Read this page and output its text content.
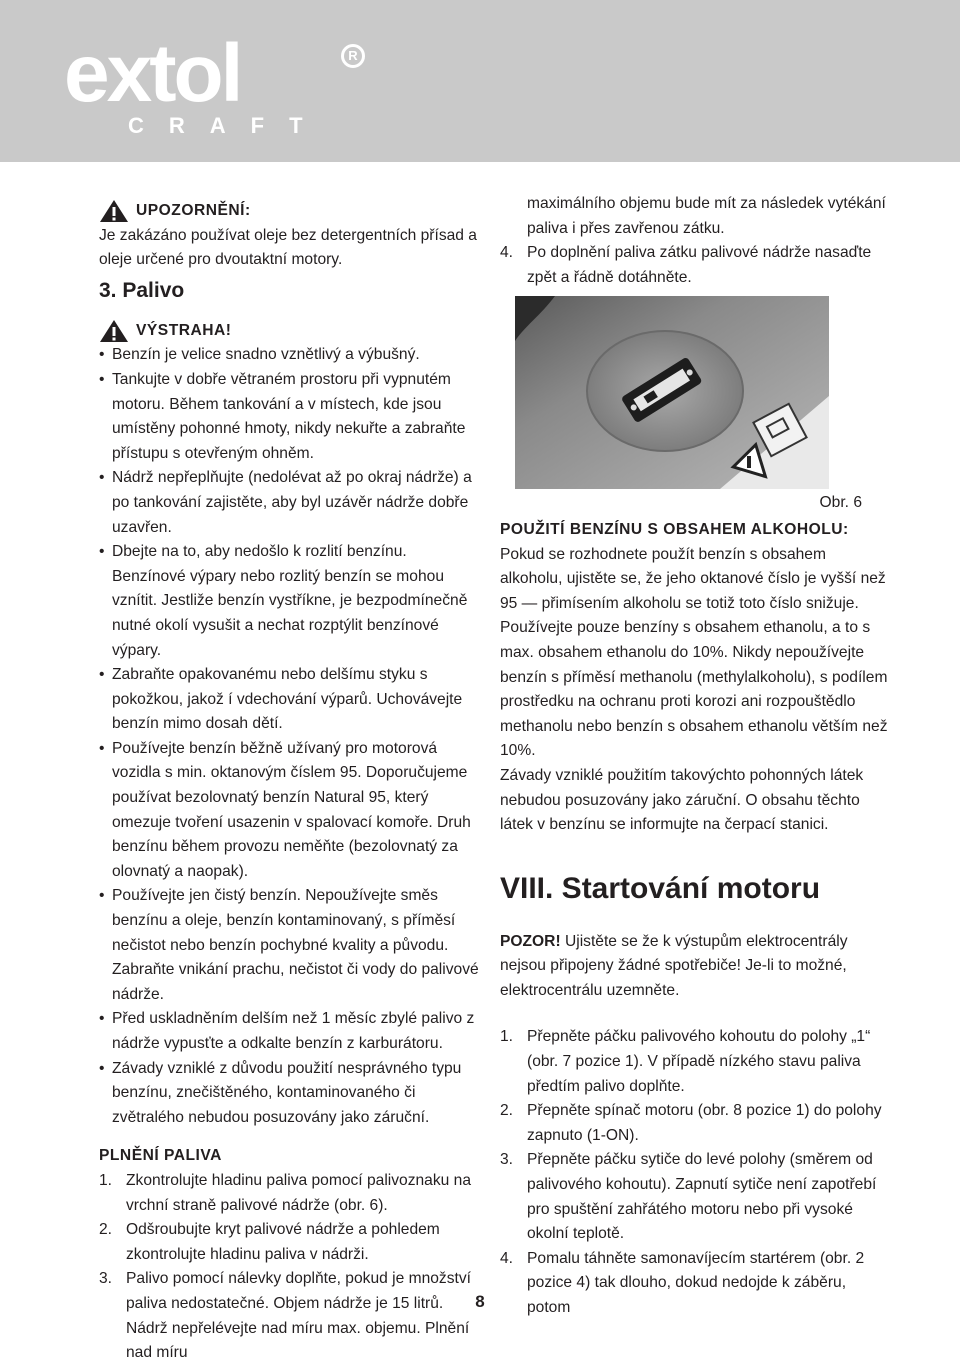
extol	R
CRAFT
UPOZORNĚNÍ:

Je zakázáno používat oleje bez detergentních přísad a oleje určené pro dvoutaktní motory.

3. Palivo
VÝSTRAHA!
• Benzín je velice snadno vznětlivý a výbušný.
• Tankujte v dobře větraném prostoru při vypnutém motoru. Během tankování a v místech, kde jsou umístěny pohonné hmoty, nikdy nekuřte a zabraňte přístupu s otevřeným ohněm.
• Nádrž nepřeplňujte (nedolévat až po okraj nádrže) a po tankování zajistěte, aby byl uzávěr nádrže dobře uzavřen.
• Dbejte na to, aby nedošlo k rozlití benzínu. Benzínové výpary nebo rozlitý benzín se mohou vznítit. Jestliže benzín vystříkne, je bezpodmínečně nutné okolí vysušit a nechat rozptýlit benzínové výpary.
• Zabraňte opakovanému nebo delšímu styku s pokožkou, jakož í vdechování výparů. Uchovávejte benzín mimo dosah dětí.
• Používejte benzín běžně užívaný pro motorová vozidla s min. oktanovým číslem 95. Doporučujeme používat bezolovnatý benzín Natural 95, který omezuje tvoření usazenin v spalovací komoře. Druh benzínu během provozu neměňte (bezolovnatý za olovnatý a naopak).
• Používejte jen čistý benzín. Nepoužívejte směs benzínu a oleje, benzín kontaminovaný, s příměsí nečistot nebo benzín pochybné kvality a původu. Zabraňte vnikání prachu, nečistot či vody do palivové nádrže.
• Před uskladněním delším než 1 měsíc zbylé palivo z nádrže vypusťte a odkalte benzín z karburátoru.
• Závady vzniklé z důvodu použití nesprávného typu benzínu, znečištěného, kontaminovaného či zvětralého nebudou posuzovány jako záruční.
PLNĚNÍ PALIVA
1. Zkontrolujte hladinu paliva pomocí palivoznaku na vrchní straně palivové nádrže (obr. 6).
2. Odšroubujte kryt palivové nádrže a pohledem zkontrolujte hladinu paliva v nádrži.
3. Palivo pomocí nálevky doplňte, pokud je množství paliva nedostatečné. Objem nádrže je 15 litrů. Nádrž nepřelévejte nad míru max. objemu. Plnění nad míru

maximálního objemu bude mít za následek vytékání paliva i přes zavřenou zátku.

4. Po doplnění paliva zátku palivové nádrže nasaďte zpět a řádně dotáhněte.
Obr. 6
POUŽITÍ BENZÍNU S OBSAHEM ALKOHOLU:

Pokud se rozhodnete použít benzín s obsahem alkoholu, ujistěte se, že jeho oktanové číslo je vyšší než 95 — přimísením alkoholu se totiž toto číslo snižuje. Používejte pouze benzíny s obsahem ethanolu, a to s max. obsahem ethanolu do 10%. Nikdy nepoužívejte benzín s příměsí methanolu (methylalkoholu), s podílem prostředku na ochranu proti korozi ani rozpouštědlo methanolu nebo benzín s obsahem ethanolu větším než 10%.

Závady vzniklé použitím takovýchto pohonných látek nebudou posuzovány jako záruční. O obsahu těchto látek v benzínu se informujte na čerpací stanici.

VIII. Startování motoru

POZOR! Ujistěte se že k výstupům elektrocentrály nejsou připojeny žádné spotřebiče! Je-li to možné, elektrocentrálu uzemněte.

1. Přepněte páčku palivového kohoutu do polohy „1“ (obr. 7 pozice 1). V případě nízkého stavu paliva předtím palivo doplňte.
2. Přepněte spínač motoru (obr. 8 pozice 1) do polohy zapnuto (1-ON).
3. Přepněte páčku sytiče do levé polohy (směrem od palivového kohoutu). Zapnutí sytiče není zapotřebí pro spuštění zahřátého motoru nebo při vysoké okolní teplotě.
4. Pomalu táhněte samonavíjecím startérem (obr. 2 pozice 4) tak dlouho, dokud nedojde k záběru, potom
8
